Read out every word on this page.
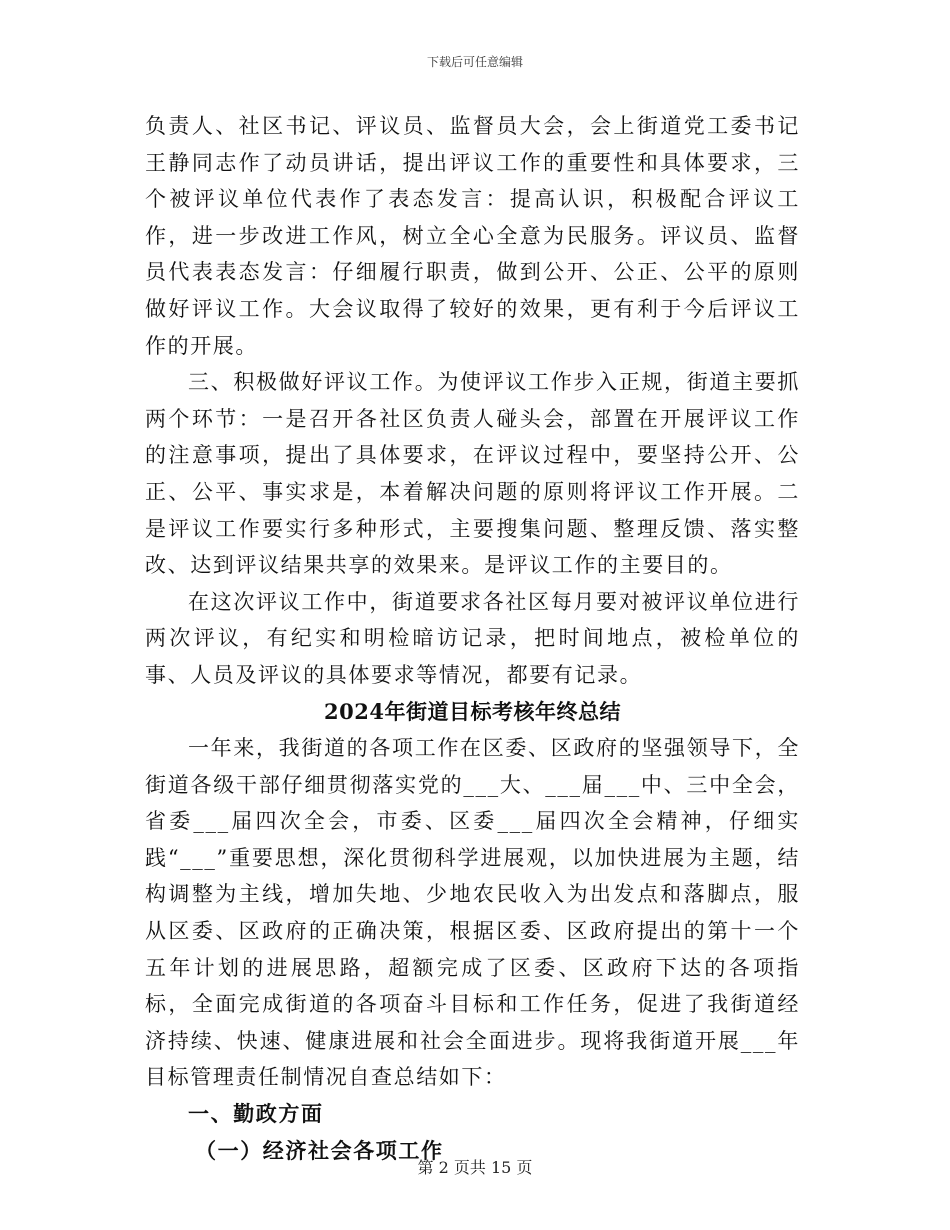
下载后可任意编辑

负责人、社区书记、评议员、监督员大会，会上街道党工委书记王静同志作了动员讲话，提出评议工作的重要性和具体要求，三个被评议单位代表作了表态发言：提高认识，积极配合评议工作，进一步改进工作风，树立全心全意为民服务。评议员、监督员代表表态发言：仔细履行职责，做到公开、公正、公平的原则做好评议工作。大会议取得了较好的效果，更有利于今后评议工作的开展。

三、积极做好评议工作。为使评议工作步入正规，街道主要抓两个环节：一是召开各社区负责人碰头会，部置在开展评议工作的注意事项，提出了具体要求，在评议过程中，要坚持公开、公正、公平、事实求是，本着解决问题的原则将评议工作开展。二是评议工作要实行多种形式，主要搜集问题、整理反馈、落实整改、达到评议结果共享的效果来。是评议工作的主要目的。

在这次评议工作中，街道要求各社区每月要对被评议单位进行两次评议，有纪实和明检暗访记录，把时间地点，被检单位的事、人员及评议的具体要求等情况，都要有记录。

2024年街道目标考核年终总结

一年来，我街道的各项工作在区委、区政府的坚强领导下，全街道各级干部仔细贯彻落实党的___大、___届___中、三中全会，省委___届四次全会，市委、区委___届四次全会精神，仔细实践“___”重要思想，深化贯彻科学进展观，以加快进展为主题，结构调整为主线，增加失地、少地农民收入为出发点和落脚点，服从区委、区政府的正确决策，根据区委、区政府提出的第十一个五年计划的进展思路，超额完成了区委、区政府下达的各项指标，全面完成街道的各项奋斗目标和工作任务，促进了我街道经济持续、快速、健康进展和社会全面进步。现将我街道开展___年目标管理责任制情况自查总结如下：

一、勤政方面

（一）经济社会各项工作

第 2 页共 15 页
